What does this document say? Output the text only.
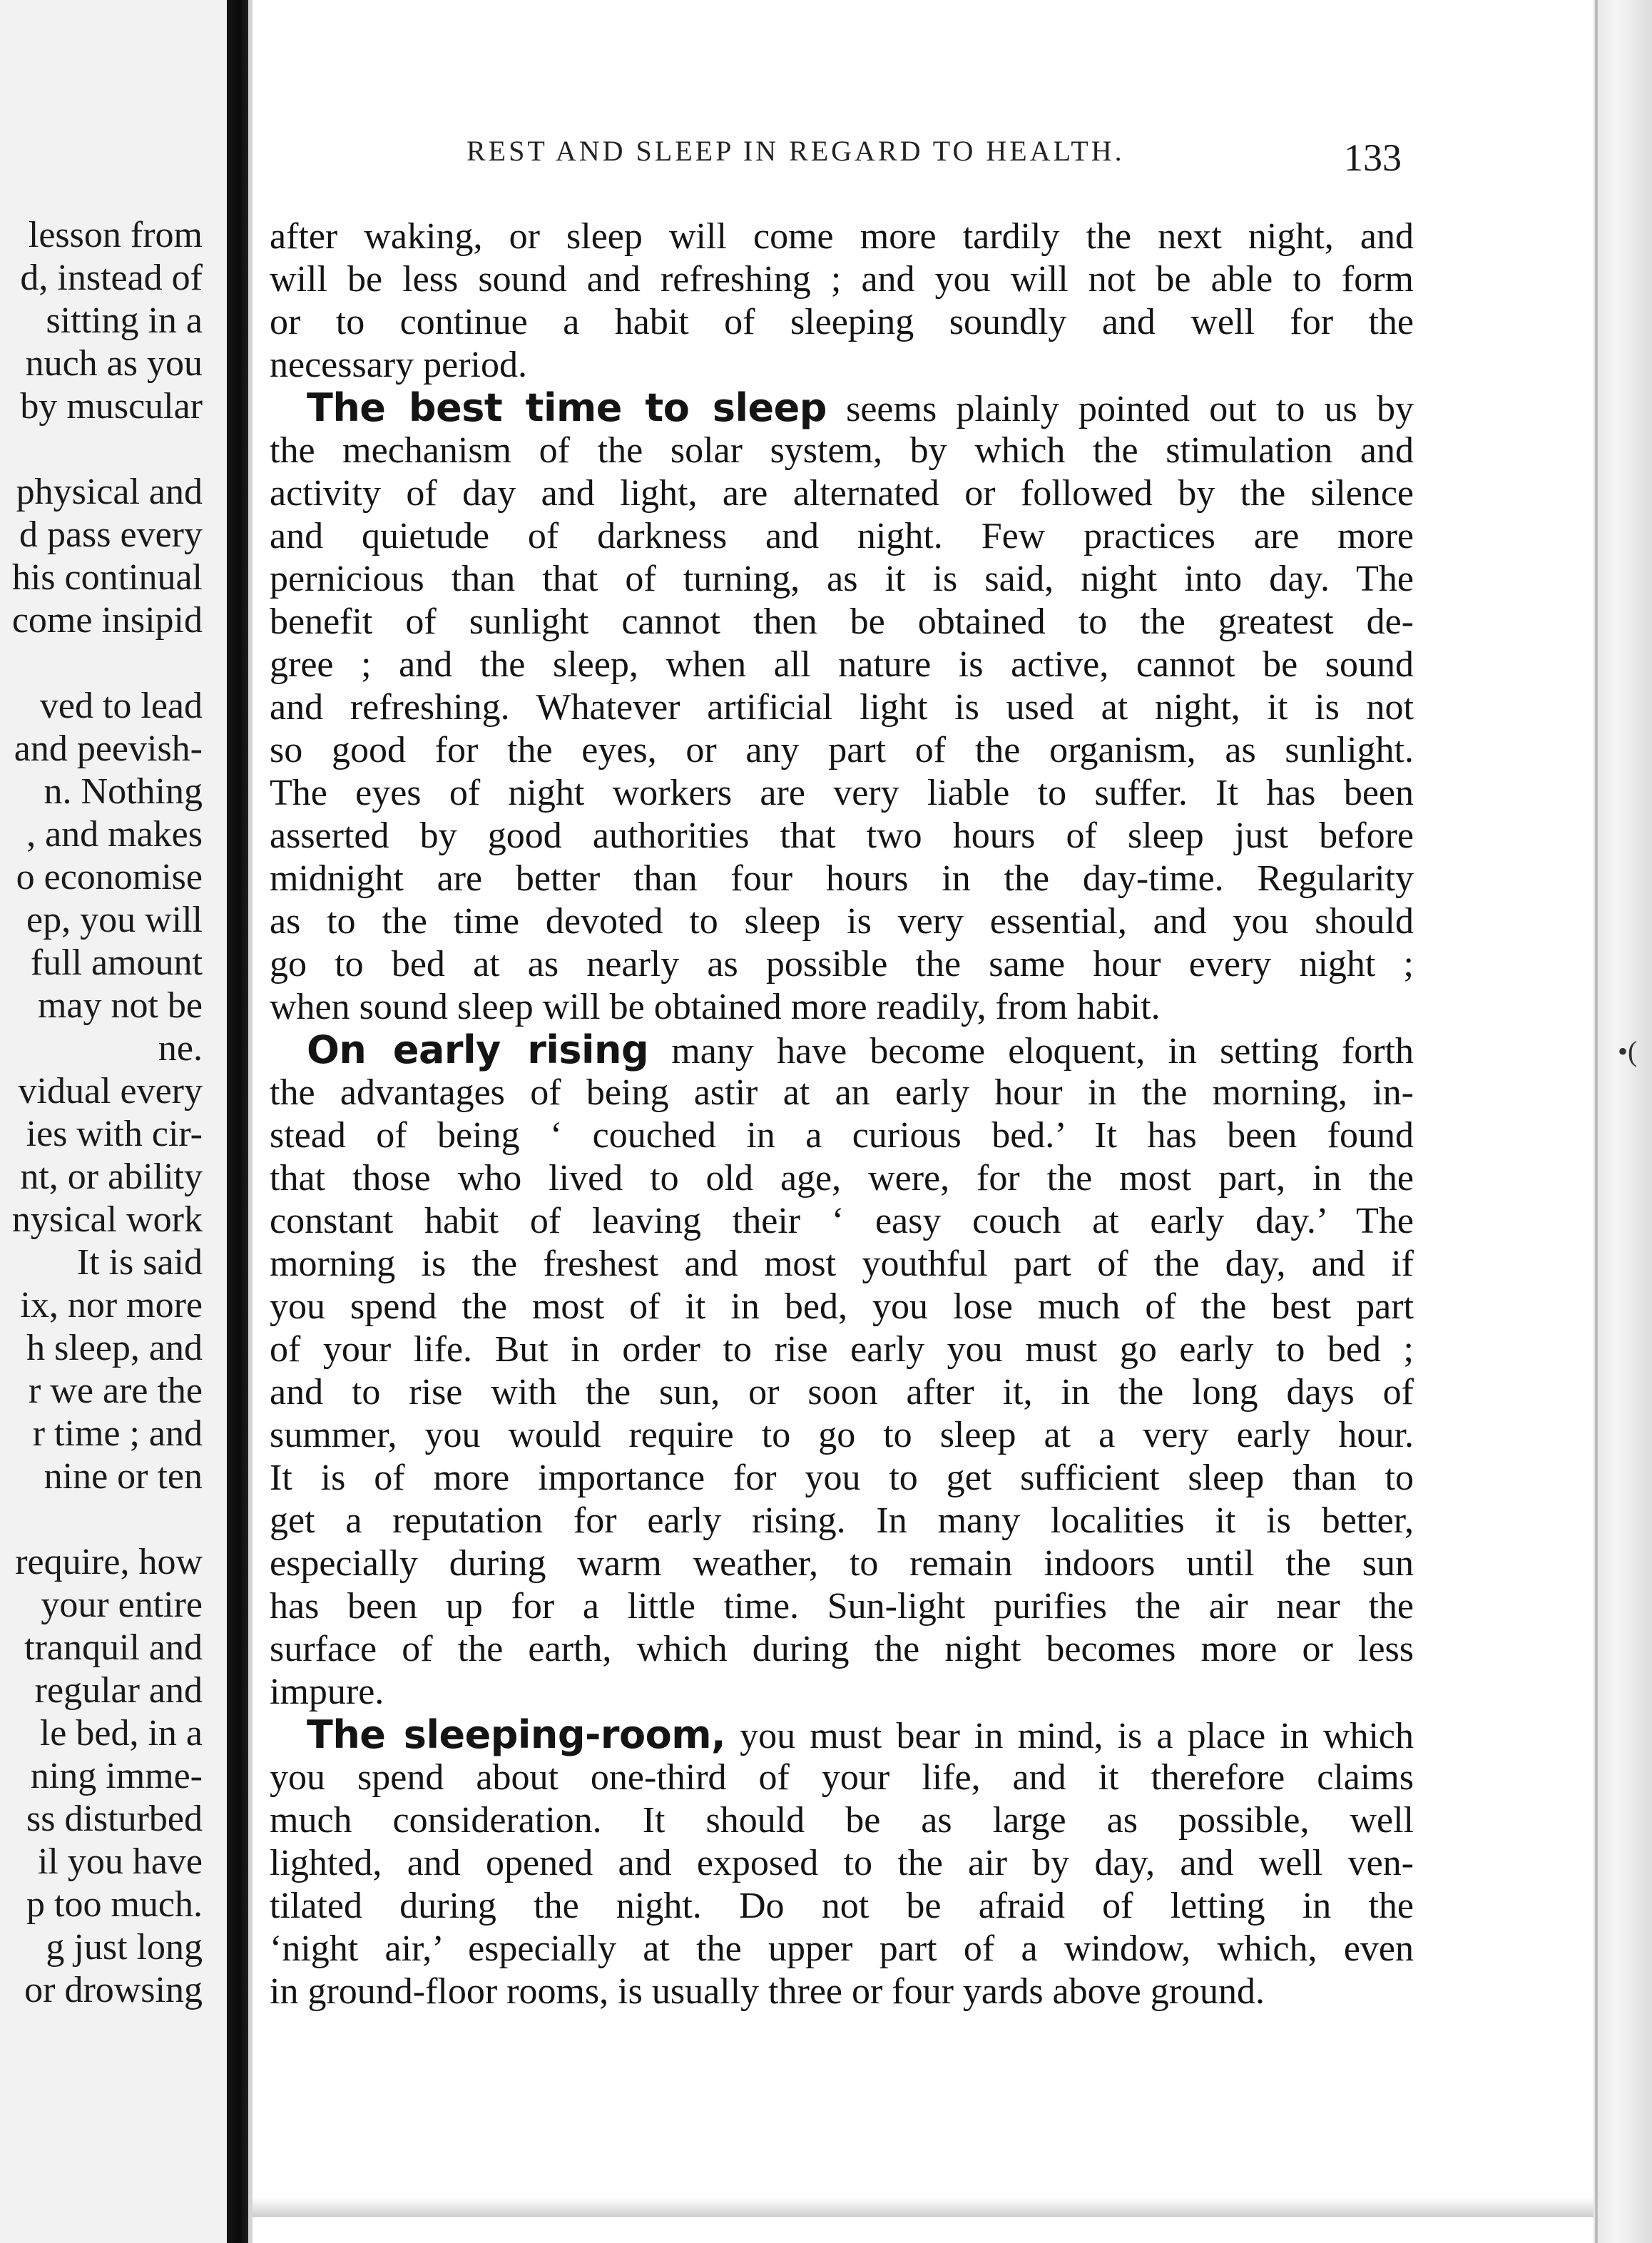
lesson from
d, instead of
sitting in a
nuch as you
by muscular
physical and
d pass every
his continual
come insipid
ved to lead
and peevish-
n. Nothing
, and makes
o economise
ep, you will
full amount
may not be
ne.
vidual every
ies with cir-
nt, or ability
nysical work
It is said
ix, nor more
h sleep, and
r we are the
r time ; and
nine or ten
require, how
your entire
tranquil and
regular and
le bed, in a
ning imme-
ss disturbed
il you have
p too much.
g just long
or drowsing
•(
REST AND SLEEP IN REGARD TO HEALTH.	133
after waking, or sleep will come more tardily the next night, and
will be less sound and refreshing ; and you will not be able to form
or to continue a habit of sleeping soundly and well for the
necessary period.
The best time to sleep seems plainly pointed out to us by
the mechanism of the solar system, by which the stimulation and
activity of day and light, are alternated or followed by the silence
and quietude of darkness and night. Few practices are more
pernicious than that of turning, as it is said, night into day. The
benefit of sunlight cannot then be obtained to the greatest de-
gree ; and the sleep, when all nature is active, cannot be sound
and refreshing. Whatever artificial light is used at night, it is not
so good for the eyes, or any part of the organism, as sunlight.
The eyes of night workers are very liable to suffer. It has been
asserted by good authorities that two hours of sleep just before
midnight are better than four hours in the day-time. Regularity
as to the time devoted to sleep is very essential, and you should
go to bed at as nearly as possible the same hour every night ;
when sound sleep will be obtained more readily, from habit.
On early rising many have become eloquent, in setting forth
the advantages of being astir at an early hour in the morning, in-
stead of being ‘ couched in a curious bed.’ It has been found
that those who lived to old age, were, for the most part, in the
constant habit of leaving their ‘ easy couch at early day.’ The
morning is the freshest and most youthful part of the day, and if
you spend the most of it in bed, you lose much of the best part
of your life. But in order to rise early you must go early to bed ;
and to rise with the sun, or soon after it, in the long days of
summer, you would require to go to sleep at a very early hour.
It is of more importance for you to get sufficient sleep than to
get a reputation for early rising. In many localities it is better,
especially during warm weather, to remain indoors until the sun
has been up for a little time. Sun-light purifies the air near the
surface of the earth, which during the night becomes more or less
impure.
The sleeping-room, you must bear in mind, is a place in which
you spend about one-third of your life, and it therefore claims
much consideration. It should be as large as possible, well
lighted, and opened and exposed to the air by day, and well ven-
tilated during the night. Do not be afraid of letting in the
‘night air,’ especially at the upper part of a window, which, even
in ground-floor rooms, is usually three or four yards above ground.
